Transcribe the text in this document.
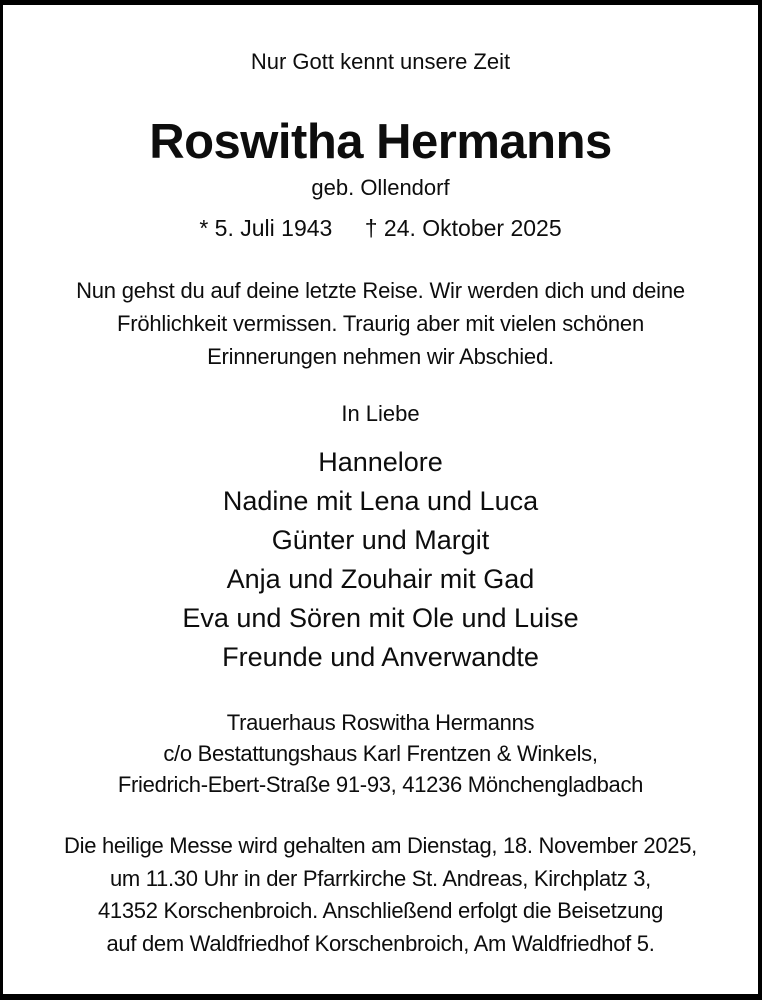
Nur Gott kennt unsere Zeit
Roswitha Hermanns
geb. Ollendorf
* 5. Juli 1943 † 24. Oktober 2025
Nun gehst du auf deine letzte Reise. Wir werden dich und deine
Fröhlichkeit vermissen. Traurig aber mit vielen schönen
Erinnerungen nehmen wir Abschied.
In Liebe
Hannelore
Nadine mit Lena und Luca
Günter und Margit
Anja und Zouhair mit Gad
Eva und Sören mit Ole und Luise
Freunde und Anverwandte
Trauerhaus Roswitha Hermanns
c/o Bestattungshaus Karl Frentzen & Winkels,
Friedrich-Ebert-Straße 91-93, 41236 Mönchengladbach
Die heilige Messe wird gehalten am Dienstag, 18. November 2025,
um 11.30 Uhr in der Pfarrkirche St. Andreas, Kirchplatz 3,
41352 Korschenbroich. Anschließend erfolgt die Beisetzung
auf dem Waldfriedhof Korschenbroich, Am Waldfriedhof 5.
